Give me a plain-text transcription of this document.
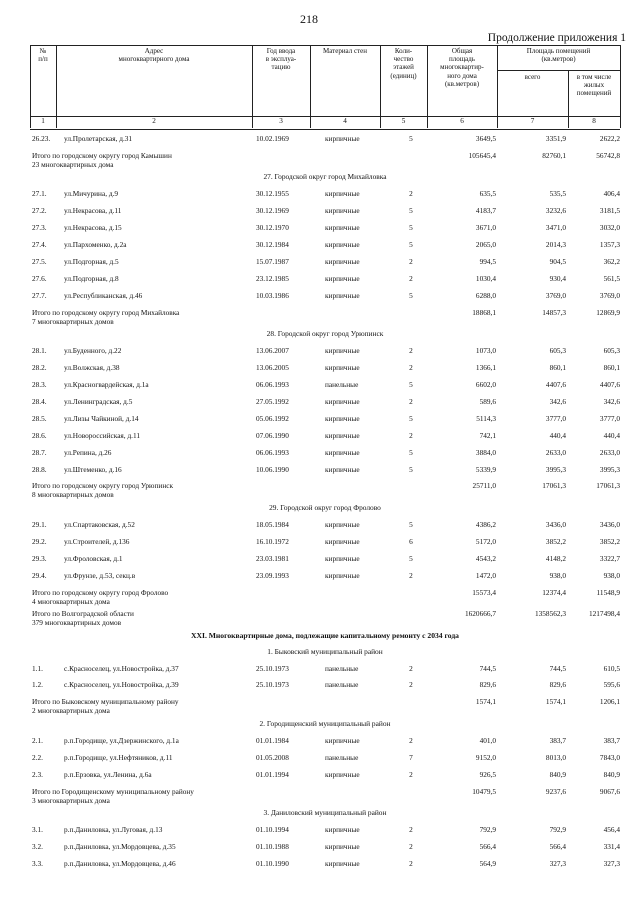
218
Продолжение приложения 1
№
п/п
Адрес
многоквартирного дома
Год ввода
в эксплуа-
тацию
Материал стен	Коли-
чество
этажей
(единиц)
Общая
площадь
многоквартир-
ного дома
(кв.метров)
Площадь помещений
(кв.метров)
всего	в том числе
жилых
помещений
1	2	3	4	5	6	7	8
26.23. ул.Пролетарская, д.31	10.02.1969	кирпичные	5	3649,5	3351,9	2622,2
Итого по городскому округу город Камышин
23 многоквартирных дома
105645,4	82760,1	56742,8
27. Городской округ город Михайловка
27.1. ул.Мичурина, д.9	30.12.1955	кирпичные	2	635,5	535,5	406,4
27.2. ул.Некрасова, д.11	30.12.1969	кирпичные	5	4183,7	3232,6	3181,5
27.3. ул.Некрасова, д.15	30.12.1970	кирпичные	5	3671,0	3471,0	3032,0
27.4. ул.Пархоменко, д.2а	30.12.1984	кирпичные	5	2065,0	2014,3	1357,3
27.5. ул.Подгорная, д.5	15.07.1987	кирпичные	2	994,5	904,5	362,2
27.6. ул.Подгорная, д.8	23.12.1985	кирпичные	2	1030,4	930,4	561,5
27.7. ул.Республиканская, д.46	10.03.1986	кирпичные	5	6288,0	3769,0	3769,0
Итого по городскому округу город Михайловка
7 многоквартирных домов
18868,1	14857,3	12869,9
28. Городской округ город Урюпинск
28.1. ул.Буденного, д.22	13.06.2007	кирпичные	2	1073,0	605,3	605,3
28.2. ул.Волжская, д.38	13.06.2005	кирпичные	2	1366,1	860,1	860,1
28.3. ул.Красногвардейская, д.1а	06.06.1993	панельные	5	6602,0	4407,6	4407,6
28.4. ул.Ленинградская, д.5	27.05.1992	кирпичные	2	589,6	342,6	342,6
28.5. ул.Лизы Чайкиной, д.14	05.06.1992	кирпичные	5	5114,3	3777,0	3777,0
28.6. ул.Новороссийская, д.11	07.06.1990	кирпичные	2	742,1	440,4	440,4
28.7. ул.Репина, д.26	06.06.1993	кирпичные	5	3884,0	2633,0	2633,0
28.8. ул.Штеменко, д.16	10.06.1990	кирпичные	5	5339,9	3995,3	3995,3
Итого по городскому округу город Урюпинск
8 многоквартирных домов
25711,0	17061,3	17061,3
29. Городской округ город Фролово
29.1. ул.Спартаковская, д.52	18.05.1984	кирпичные	5	4386,2	3436,0	3436,0
29.2. ул.Строителей, д.136	16.10.1972	кирпичные	6	5172,0	3852,2	3852,2
29.3. ул.Фроловская, д.1	23.03.1981	кирпичные	5	4543,2	4148,2	3322,7
29.4. ул.Фрунзе, д.53, секц.в	23.09.1993	кирпичные	2	1472,0	938,0	938,0
Итого по городскому округу город Фролово
4 многоквартирных дома
15573,4	12374,4	11548,9
Итого по Волгоградской области
379 многоквартирных домов
1620666,7	1358562,3	1217498,4
XXI. Многоквартирные дома, подлежащие капитальному ремонту с 2034 года
1. Быковский муниципальный район
1.1.	с.Красноселец, ул.Новостройка, д.37	25.10.1973	панельные	2	744,5	744,5	610,5
1.2.	с.Красноселец, ул.Новостройка, д.39	25.10.1973	панельные	2	829,6	829,6	595,6
Итого по Быковскому муниципальному району
2 многоквартирных дома
1574,1	1574,1	1206,1
2. Городищенский муниципальный район
2.1.	р.п.Городище, ул.Дзержинского, д.1а	01.01.1984	кирпичные	2	401,0	383,7	383,7
2.2.	р.п.Городище, ул.Нефтяников, д.11	01.05.2008	панельные	7	9152,0	8013,0	7843,0
2.3.	р.п.Ерзовка, ул.Ленина, д.6а	01.01.1994	кирпичные	2	926,5	840,9	840,9
Итого по Городищенскому муниципальному району
3 многоквартирных дома
10479,5	9237,6	9067,6
3. Даниловский муниципальный район
3.1.	р.п.Даниловка, ул.Луговая, д.13	01.10.1994	кирпичные	2	792,9	792,9	456,4
3.2.	р.п.Даниловка, ул.Мордовцева, д.35	01.10.1988	кирпичные	2	566,4	566,4	331,4
3.3.	р.п.Даниловка, ул.Мордовцева, д.46	01.10.1990	кирпичные	2	564,9	327,3	327,3
